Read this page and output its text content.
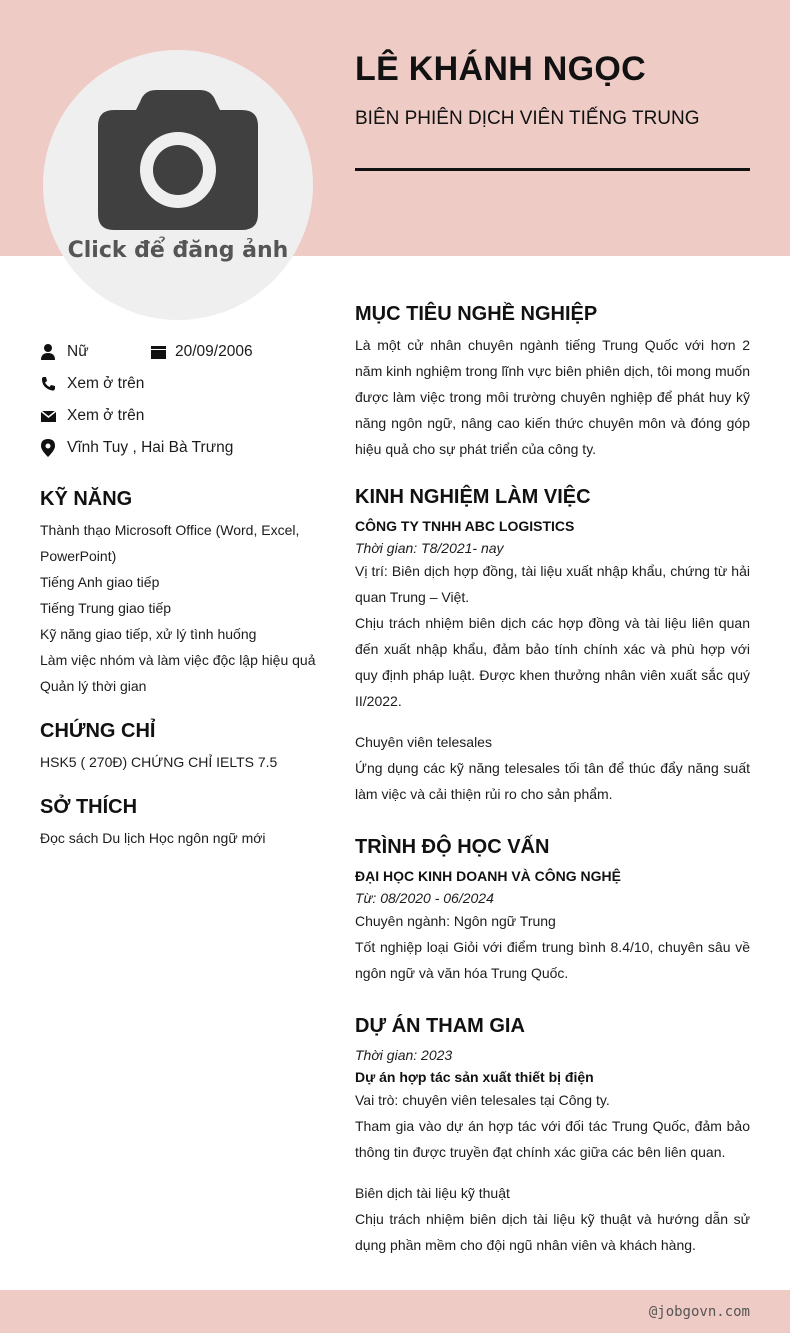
Click để đăng ảnh
LÊ KHÁNH NGỌC
BIÊN PHIÊN DỊCH VIÊN TIẾNG TRUNG
Nữ	20/09/2006
Xem ở trên
Xem ở trên
Vĩnh Tuy , Hai Bà Trưng
KỸ NĂNG
Thành thạo Microsoft Office (Word, Excel, PowerPoint)
Tiếng Anh giao tiếp
Tiếng Trung giao tiếp
Kỹ năng giao tiếp, xử lý tình huống
Làm việc nhóm và làm việc độc lập hiệu quả
Quản lý thời gian
CHỨNG CHỈ
HSK5 ( 270Đ) CHỨNG CHỈ IELTS 7.5
SỞ THÍCH
Đọc sách Du lịch Học ngôn ngữ mới
MỤC TIÊU NGHỀ NGHIỆP
Là một cử nhân chuyên ngành tiếng Trung Quốc với hơn 2 năm kinh nghiệm trong lĩnh vực biên phiên dịch, tôi mong muốn được làm việc trong môi trường chuyên nghiệp để phát huy kỹ năng ngôn ngữ, nâng cao kiến thức chuyên môn và đóng góp hiệu quả cho sự phát triển của công ty.
KINH NGHIỆM LÀM VIỆC
CÔNG TY TNHH ABC LOGISTICS
Thời gian: T8/2021- nay
Vị trí: Biên dịch hợp đồng, tài liệu xuất nhập khẩu, chứng từ hải quan Trung – Việt.
Chịu trách nhiệm biên dịch các hợp đồng và tài liệu liên quan đến xuất nhập khẩu, đảm bảo tính chính xác và phù hợp với quy định pháp luật. Được khen thưởng nhân viên xuất sắc quý II/2022.
Chuyên viên telesales
Ứng dụng các kỹ năng telesales tối tân để thúc đẩy năng suất làm việc và cải thiện rủi ro cho sản phẩm.
TRÌNH ĐỘ HỌC VẤN
ĐẠI HỌC KINH DOANH VÀ CÔNG NGHỆ
Từ: 08/2020 - 06/2024
Chuyên ngành: Ngôn ngữ Trung
Tốt nghiệp loại Giỏi với điểm trung bình 8.4/10, chuyên sâu về ngôn ngữ và văn hóa Trung Quốc.
DỰ ÁN THAM GIA
Thời gian: 2023
Dự án hợp tác sản xuất thiết bị điện
Vai trò: chuyên viên telesales tại Công ty.
Tham gia vào dự án hợp tác với đối tác Trung Quốc, đảm bảo thông tin được truyền đạt chính xác giữa các bên liên quan.
Biên dịch tài liệu kỹ thuật
Chịu trách nhiệm biên dịch tài liệu kỹ thuật và hướng dẫn sử dụng phần mềm cho đội ngũ nhân viên và khách hàng.
@jobgovn.com
